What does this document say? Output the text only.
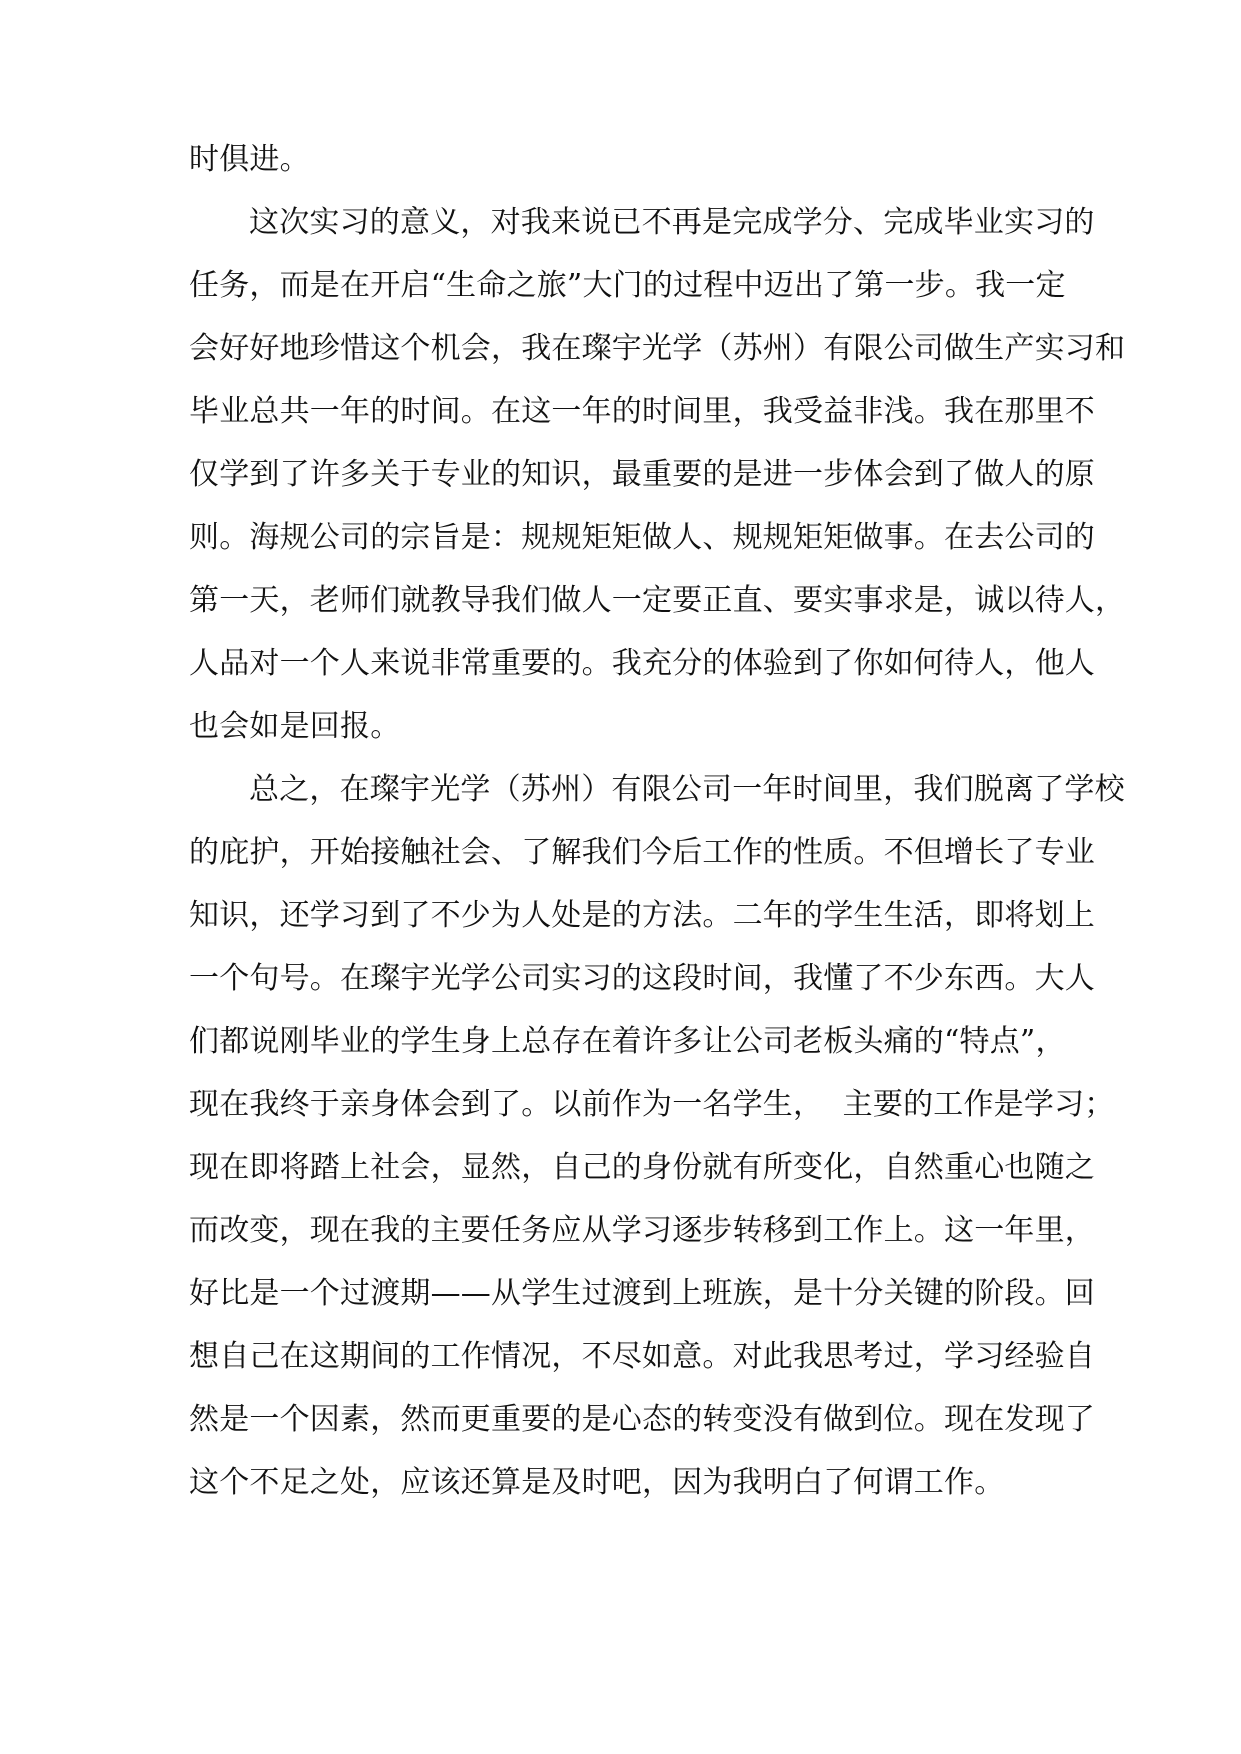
时俱进。
这次实习的意义，对我来说已不再是完成学分、完成毕业实习的
任务，而是在开启“生命之旅”大门的过程中迈出了第一步。我一定
会好好地珍惜这个机会，我在璨宇光学（苏州）有限公司做生产实习和
毕业总共一年的时间。在这一年的时间里，我受益非浅。我在那里不
仅学到了许多关于专业的知识，最重要的是进一步体会到了做人的原
则。海规公司的宗旨是：规规矩矩做人、规规矩矩做事。在去公司的
第一天，老师们就教导我们做人一定要正直、要实事求是，诚以待人，
人品对一个人来说非常重要的。我充分的体验到了你如何待人，他人
也会如是回报。
总之，在璨宇光学（苏州）有限公司一年时间里，我们脱离了学校
的庇护，开始接触社会、了解我们今后工作的性质。不但增长了专业
知识，还学习到了不少为人处是的方法。二年的学生生活，即将划上
一个句号。在璨宇光学公司实习的这段时间，我懂了不少东西。大人
们都说刚毕业的学生身上总存在着许多让公司老板头痛的“特点”，
现在我终于亲身体会到了。以前作为一名学生，  主要的工作是学习；
现在即将踏上社会，显然，自己的身份就有所变化，自然重心也随之
而改变，现在我的主要任务应从学习逐步转移到工作上。这一年里，
好比是一个过渡期——从学生过渡到上班族，是十分关键的阶段。回
想自己在这期间的工作情况，不尽如意。对此我思考过，学习经验自
然是一个因素，然而更重要的是心态的转变没有做到位。现在发现了
这个不足之处，应该还算是及时吧，因为我明白了何谓工作。
